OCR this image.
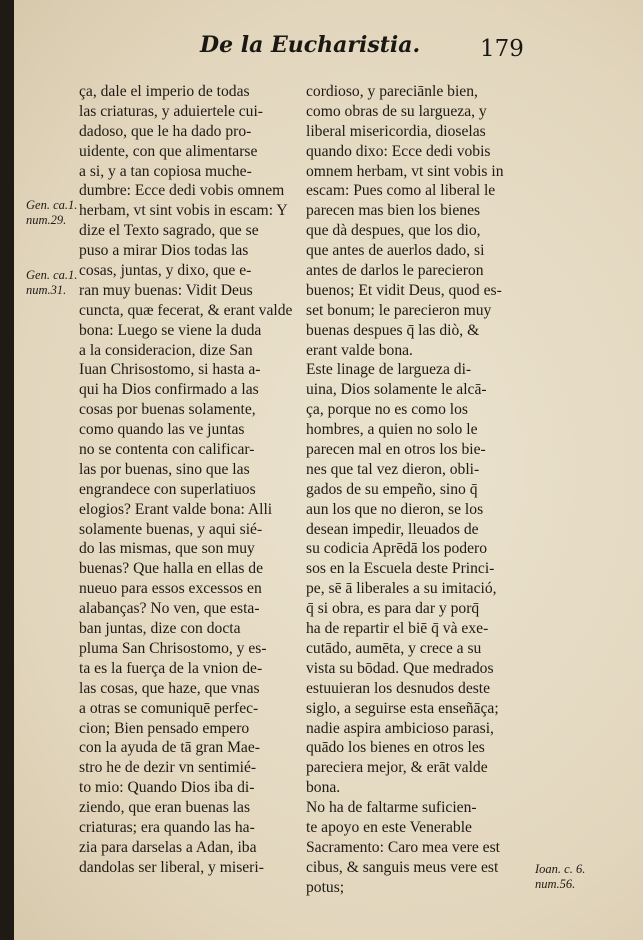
De la Eucharistia.	179
Gen. ca.1.
num.29.
Gen. ca.1.
num.31.
Ioan. c. 6.
num.56.
ça, dale el imperio de todas
las criaturas, y aduiertele cui-
dadoso, que le ha dado pro-
uidente, con que alimentarse
a si, y a tan copiosa muche-
dumbre: Ecce dedi vobis omnem
herbam, vt sint vobis in escam: Y
dize el Texto sagrado, que se
puso a mirar Dios todas las
cosas, juntas, y dixo, que e-
ran muy buenas: Vidit Deus
cuncta, quæ fecerat, & erant valde
bona: Luego se viene la duda
a la consideracion, dize San
Iuan Chrisostomo, si hasta a-
qui ha Dios confirmado a las
cosas por buenas solamente,
como quando las ve juntas
no se contenta con calificar-
las por buenas, sino que las
engrandece con superlatiuos
elogios? Erant valde bona: Alli
solamente buenas, y aqui sié-
do las mismas, que son muy
buenas? Que halla en ellas de
nueuo para essos excessos en
alabanças? No ven, que esta-
ban juntas, dize con docta
pluma San Chrisostomo, y es-
ta es la fuerça de la vnion de-
las cosas, que haze, que vnas
a otras se comuniquē perfec-
cion; Bien pensado empero
con la ayuda de tā gran Mae-
stro he de dezir vn sentimié-
to mio: Quando Dios iba di-
ziendo, que eran buenas las
criaturas; era quando las ha-
zia para darselas a Adan, iba
dandolas ser liberal, y miseri-
cordioso, y pareciānle bien,
como obras de su largueza, y
liberal misericordia, dioselas
quando dixo: Ecce dedi vobis
omnem herbam, vt sint vobis in
escam: Pues como al liberal le
parecen mas bien los bienes
que dà despues, que los dio,
que antes de auerlos dado, si
antes de darlos le parecieron
buenos; Et vidit Deus, quod es-
set bonum; le parecieron muy
buenas despues q̄ las diò, &
erant valde bona.
Este linage de largueza di-
uina, Dios solamente le alcā-
ça, porque no es como los
hombres, a quien no solo le
parecen mal en otros los bie-
nes que tal vez dieron, obli-
gados de su empeño, sino q̄
aun los que no dieron, se los
desean impedir, lleuados de
su codicia Aprēdā los podero
sos en la Escuela deste Princi-
pe, sē ā liberales a su imitació,
q̄ si obra, es para dar y porq̄
ha de repartir el biē q̄ và exe-
cutādo, aumēta, y crece a su
vista su bōdad. Que medrados
estuuieran los desnudos deste
siglo, a seguirse esta enseñāça;
nadie aspira ambicioso parasi,
quādo los bienes en otros les
pareciera mejor, & erāt valde
bona.
No ha de faltarme suficien-
te apoyo en este Venerable
Sacramento: Caro mea vere est
cibus, & sanguis meus vere est
potus;
